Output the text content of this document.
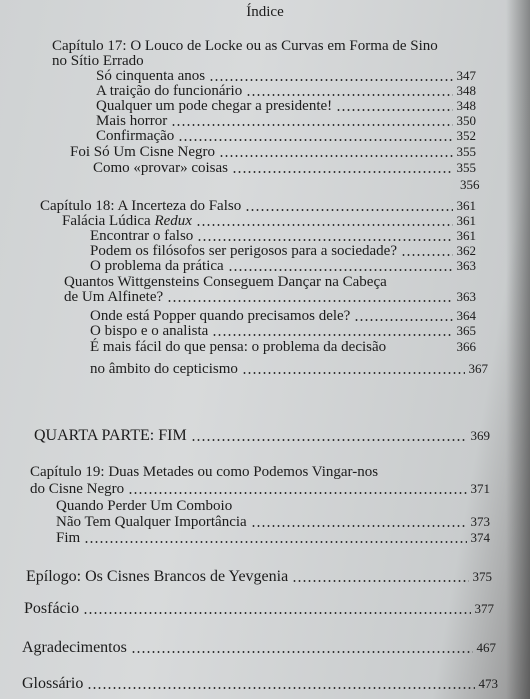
Índice
Capítulo 17: O Louco de Locke ou as Curvas em Forma de Sino
no Sítio Errado
Só cinquenta anos	347
A traição do funcionário	348
Qualquer um pode chegar a presidente!	348
Mais horror	350
Confirmação	352
Foi Só Um Cisne Negro	355
Como «provar» coisas	355
356
Capítulo 18: A Incerteza do Falso	361
Falácia Lúdica Redux	361
Encontrar o falso	361
Podem os filósofos ser perigosos para a sociedade?	362
O problema da prática	363
Quantos Wittgensteins Conseguem Dançar na Cabeça
de Um Alfinete?	363
Onde está Popper quando precisamos dele?	364
O bispo e o analista	365
É mais fácil do que pensa: o problema da decisão	366
no âmbito do cepticismo	367
QUARTA PARTE: FIM	369
Capítulo 19: Duas Metades ou como Podemos Vingar-nos
do Cisne Negro	371
Quando Perder Um Comboio
Não Tem Qualquer Importância	373
Fim	374
Epílogo: Os Cisnes Brancos de Yevgenia	375
Posfácio	377
Agradecimentos	467
Glossário	473
